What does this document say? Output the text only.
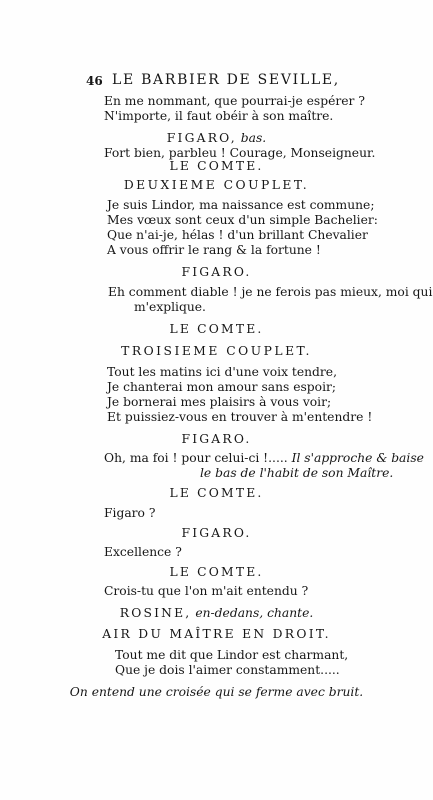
46 LE BARBIER DE SEVILLE,
En me nommant, que pourrai-je espérer ?
N'importe, il faut obéir à son maître.
FIGARO, bas.
Fort bien, parbleu ! Courage, Monseigneur.
LE COMTE.
DEUXIEME COUPLET.
Je suis Lindor, ma naissance est commune;
Mes vœux sont ceux d'un simple Bachelier:
Que n'ai-je, hélas ! d'un brillant Chevalier
A vous offrir le rang & la fortune !
FIGARO.
Eh comment diable ! je ne ferois pas mieux, moi qui
m'explique.
LE COMTE.
TROISIEME COUPLET.
Tout les matins ici d'une voix tendre,
Je chanterai mon amour sans espoir;
Je bornerai mes plaisirs à vous voir;
Et puissiez-vous en trouver à m'entendre !
FIGARO.
Oh, ma foi ! pour celui-ci !..... Il s'approche & baise
le bas de l'habit de son Maître.
LE COMTE.
Figaro ?
FIGARO.
Excellence ?
LE COMTE.
Crois-tu que l'on m'ait entendu ?
ROSINE, en-dedans, chante.
AIR DU MAÎTRE EN DROIT.
Tout me dit que Lindor est charmant,
Que je dois l'aimer constamment.....
On entend une croisée qui se ferme avec bruit.
